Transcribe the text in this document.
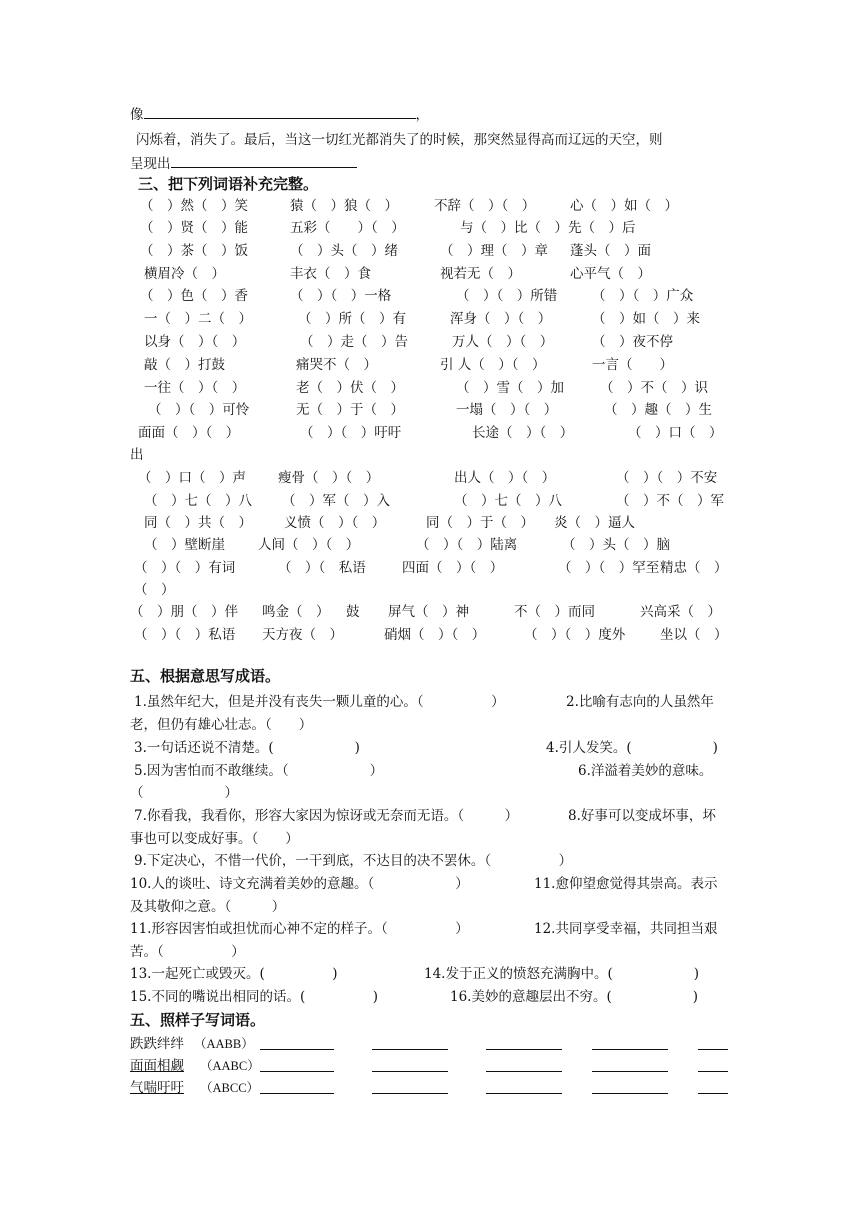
像	，
闪烁着，消失了。最后，当这一切红光都消失了的时候，那突然显得高而辽远的天空，则
呈现出
三、把下列词语补充完整。
（　）然（　）笑	猿（　）狼（　）	不辞（　）（　）	心（　）如（　）
（　）贤（　）能	五彩（　　）（　）	与（　）比（　）先（　）后
（　）茶（　）饭	（　）头（　）绪	（　）理（　）章 蓬头（　）面
横眉冷（　）	丰衣（　）食	视若无（　）	心平气（　）
（　）色（　）香	（　）（　）一格	（　）（　）所错	（　）（　）广众
一（　）二（　）	（　）所（　）有	浑身（　）（　）	（　）如（　）来
以身（　）（　）	（　）走（　）告	万人（　）（　）	（　）夜不停
敲（　）打鼓	痛哭不（　）	引 人（　）（　）	一言（　　）
一往（　）（　）	老（　）伏（　）	（　）雪（　）加	（　）不（　）识
（　）（　）可怜	无（　）于（　）	一塌（　）（　）	（　）趣（　）生
面面（　）（　）	（　）（　）吁吁	长途（　）（　）	（　）口（　）
出
（　）口（　）声 瘦骨（　）（　）	出人（　）（　）	（　）（　）不安
（　）七（　）八 （　）军（　）入	（　）七（　）八	（　）不（　）军
同（　）共（　） 义愤（　）（　）	同（　）于（　） 炎（　）逼人
（　）壁断崖 人间（　）（　）	（　）（　）陆离	（　）头（　）脑
（　）（　）有词	（　）（　私语	四面（　）（　）	（　）（　）罕至 精忠（　）
（　）
（　）朋（　）伴 鸣金（　） 鼓 屏气（　）神	不（　）而同	兴高采（　）
（　）（　）私语 天方夜（　）	硝烟（　）（　）	（　）（　）度外	坐以（　）
五、根据意思写成语。
1.虽然年纪大，但是并没有丧失一颗儿童的心。（　　　　　）	2.比喻有志向的人虽然年
老，但仍有雄心壮志。（　　）
3.一句话还说不清楚。(　　　　　　)	4.引人发笑。(　　　　　　)
5.因为害怕而不敢继续。（　　　　　　）	6.洋溢着美妙的意味。
（　　　　　　）
7.你看我，我看你，形容大家因为惊讶或无奈而无语。（　　　）	8.好事可以变成坏事，坏
事也可以变成好事。（　　）
9.下定决心，不惜一代价，一干到底，不达目的决不罢休。（　　　　　）
10.人的谈吐、诗文充满着美妙的意趣。（　　　　　　）	11.愈仰望愈觉得其崇高。表示
及其敬仰之意。（　　　）
11.形容因害怕或担忧而心神不定的样子。（　　　　　）	12.共同享受幸福，共同担当艰
苦。（　　　　　）
13.一起死亡或毁灭。(　　　　　)	14.发于正义的愤怒充满胸中。(　　　　　　)
15.不同的嘴说出相同的话。(　　　　　)	16.美妙的意趣层出不穷。(　　　　　　)
五、照样子写词语。
跌跌绊绊 （AABB）
面面相觑 （AABC）
气喘吁吁 （ABCC）
